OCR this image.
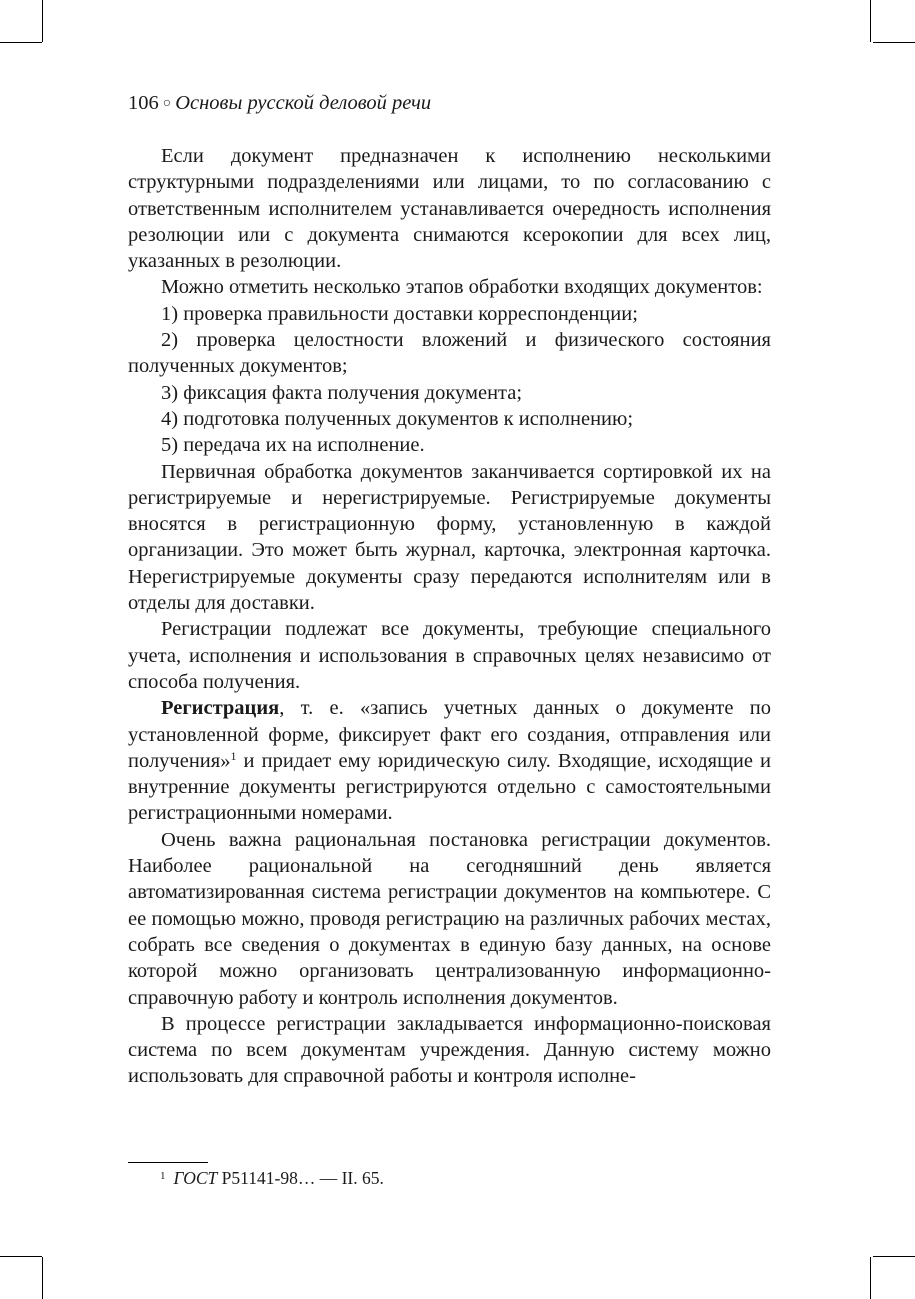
106 ○ Основы русской деловой речи

Если документ предназначен к исполнению несколькими структурными подразделениями или лицами, то по согласованию с ответственным исполнителем устанавливается очередность исполнения резолюции или с документа снимаются ксерокопии для всех лиц, указанных в резолюции.

Можно отметить несколько этапов обработки входящих документов:

1) проверка правильности доставки корреспонденции;

2) проверка целостности вложений и физического состояния полученных документов;

3) фиксация факта получения документа;

4) подготовка полученных документов к исполнению;

5) передача их на исполнение.

Первичная обработка документов заканчивается сортировкой их на регистрируемые и нерегистрируемые. Регистрируемые документы вносятся в регистрационную форму, установленную в каждой организации. Это может быть журнал, карточка, электронная карточка. Нерегистрируемые документы сразу передаются исполнителям или в отделы для доставки.

Регистрации подлежат все документы, требующие специального учета, исполнения и использования в справочных целях независимо от способа получения.

Регистрация, т. е. «запись учетных данных о документе по установленной форме, фиксирует факт его создания, отправления или получения»$^1$ и придает ему юридическую силу. Входящие, исходящие и внутренние документы регистрируются отдельно с самостоятельными регистрационными номерами.

Очень важна рациональная постановка регистрации документов. Наиболее рациональной на сегодняшний день является автоматизированная система регистрации документов на компьютере. С ее помощью можно, проводя регистрацию на различных рабочих местах, собрать все сведения о документах в единую базу данных, на основе которой можно организовать централизованную информационно-справочную работу и контроль исполнения документов.

В процессе регистрации закладывается информационно-поисковая система по всем документам учреждения. Данную систему можно использовать для справочной работы и контроля исполне-

$^1$ ГОСТ Р51141-98… — II. 65.
